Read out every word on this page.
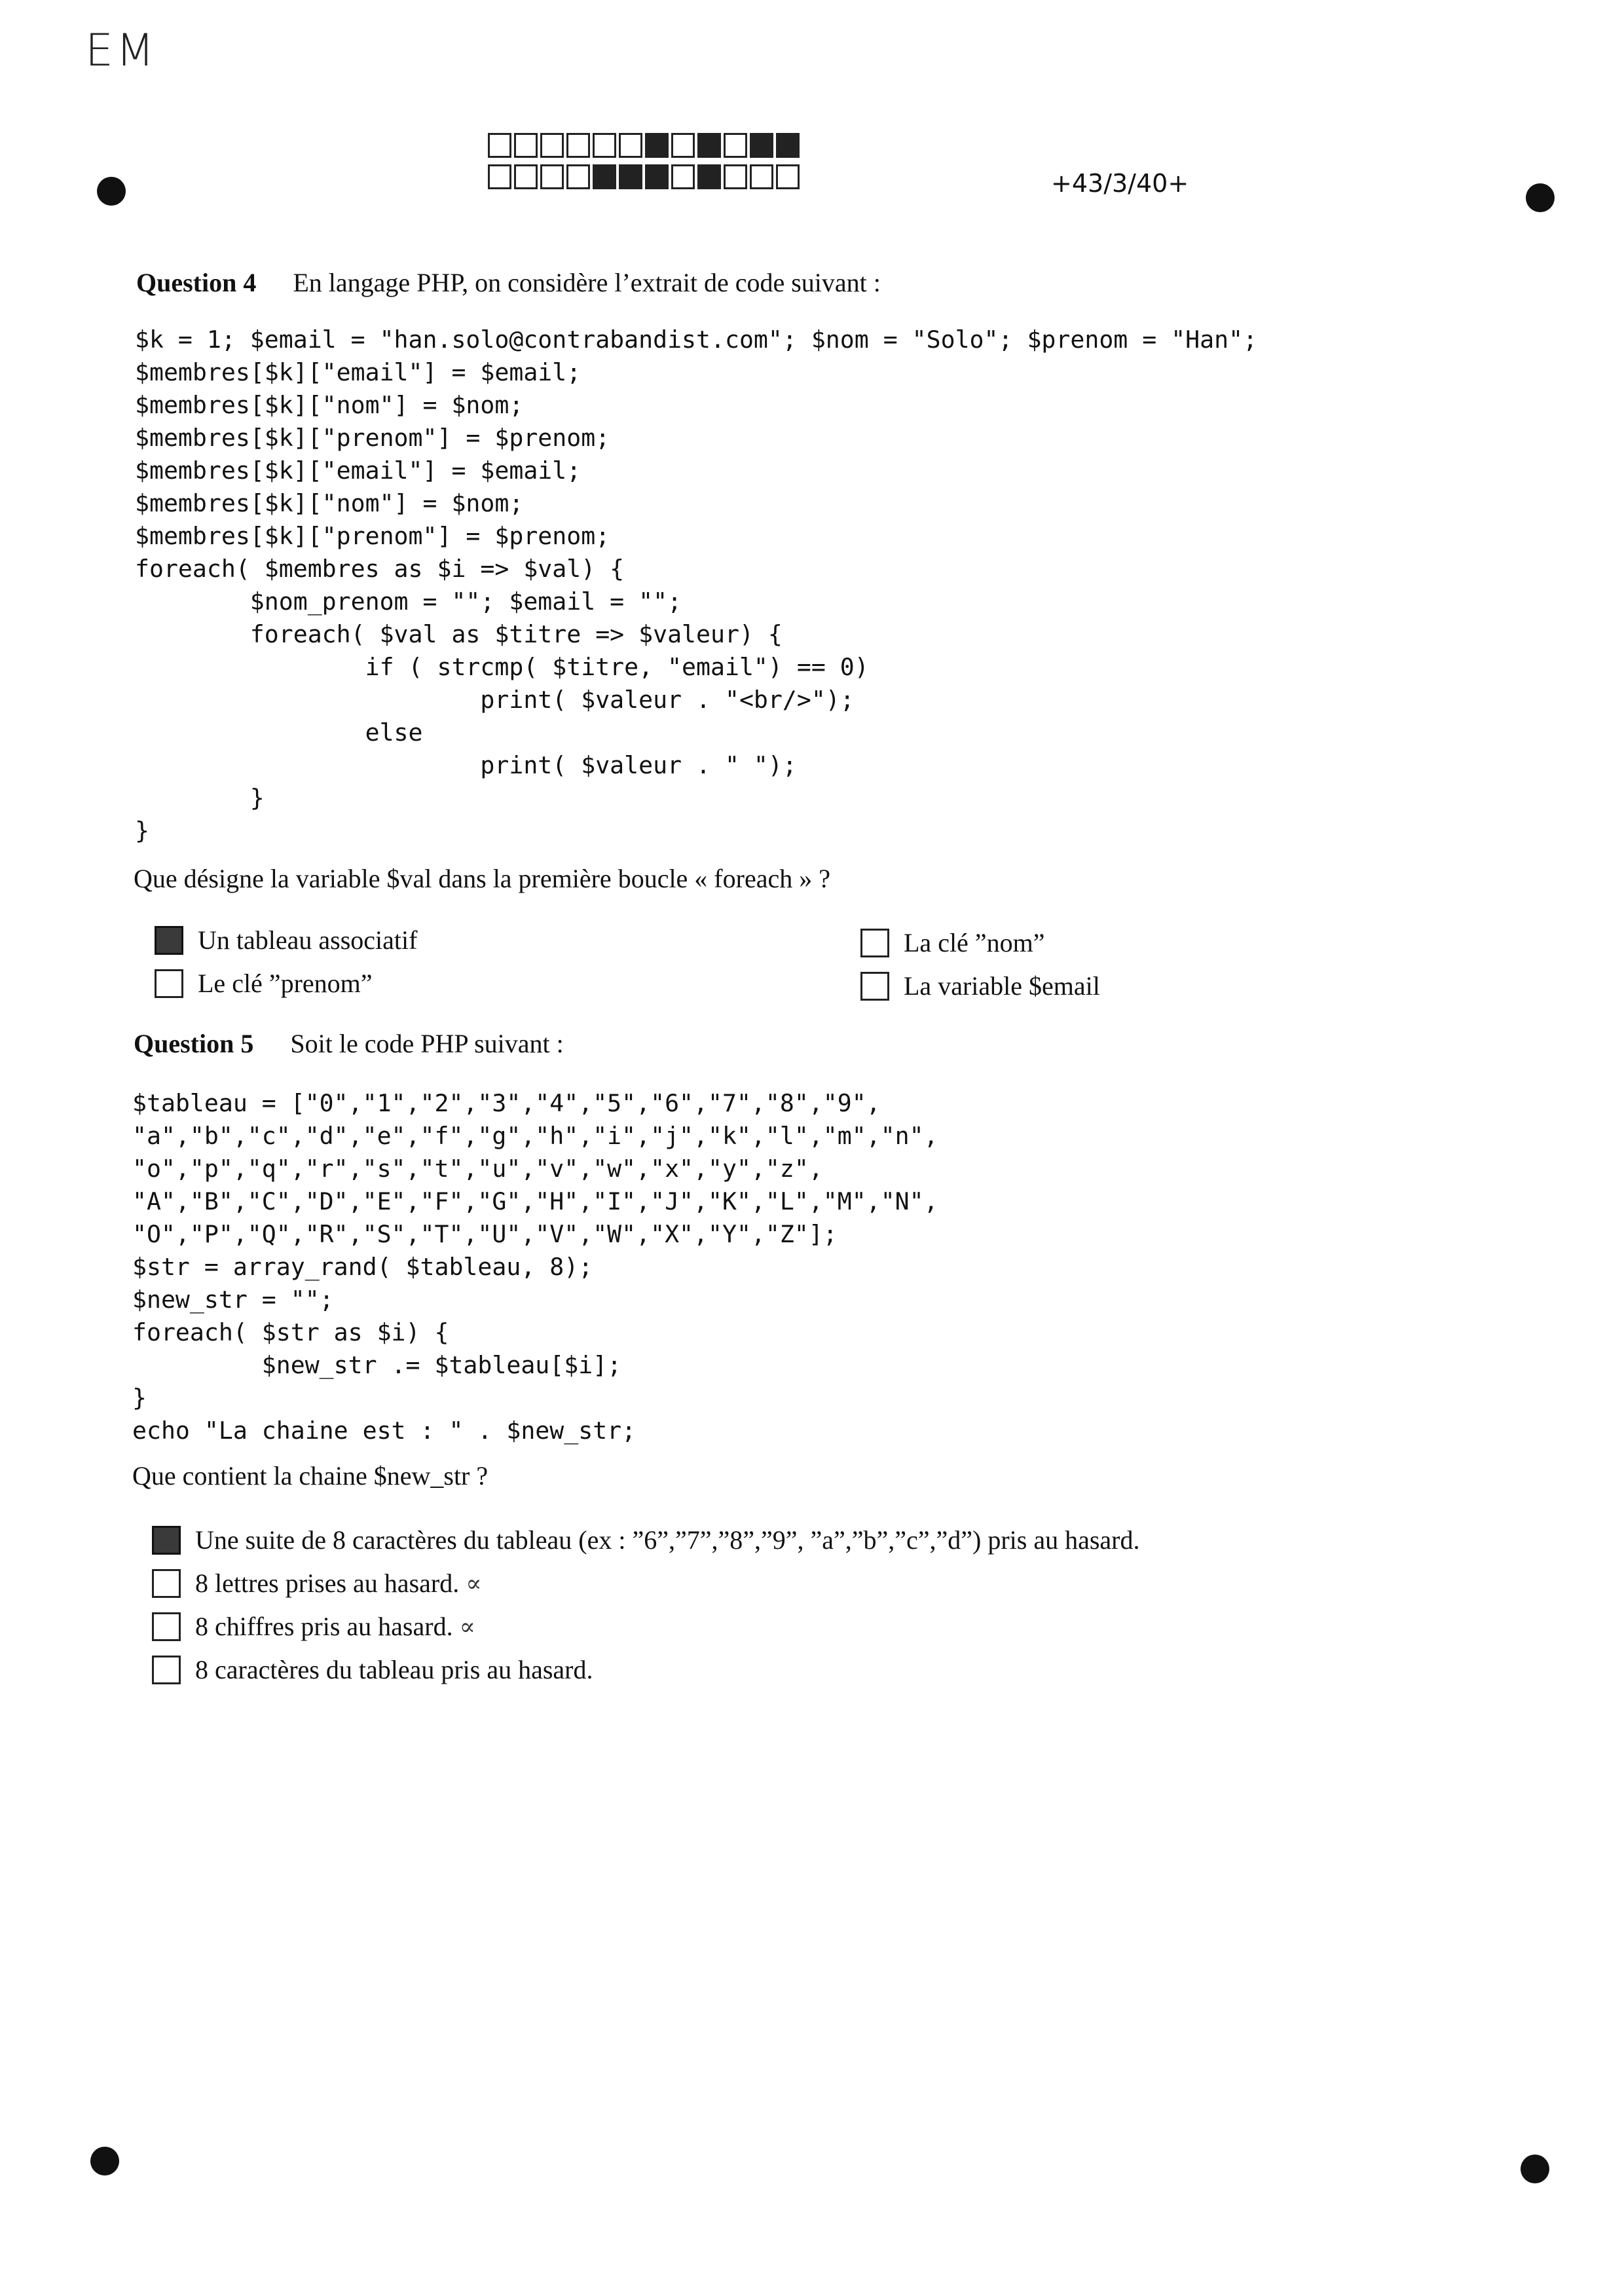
EM
+43/3/40+
Question 4 En langage PHP, on considère l’extrait de code suivant :
$k = 1; $email = "han.solo@contrabandist.com"; $nom = "Solo"; $prenom = "Han";
$membres[$k]["email"] = $email;
$membres[$k]["nom"] = $nom;
$membres[$k]["prenom"] = $prenom;
$membres[$k]["email"] = $email;
$membres[$k]["nom"] = $nom;
$membres[$k]["prenom"] = $prenom;
foreach( $membres as $i => $val) {
$nom_prenom = ""; $email = "";
foreach( $val as $titre => $valeur) {
if ( strcmp( $titre, "email") == 0)
print( $valeur . "<br/>");
else
print( $valeur . " ");
}
}
Que désigne la variable $val dans la première boucle « foreach » ?
Un tableau associatif
Le clé ”prenom”
La clé ”nom”
La variable $email
Question 5 Soit le code PHP suivant :
$tableau = ["0","1","2","3","4","5","6","7","8","9",
"a","b","c","d","e","f","g","h","i","j","k","l","m","n",
"o","p","q","r","s","t","u","v","w","x","y","z",
"A","B","C","D","E","F","G","H","I","J","K","L","M","N",
"O","P","Q","R","S","T","U","V","W","X","Y","Z"];
$str = array_rand( $tableau, 8);
$new_str = "";
foreach( $str as $i) {
$new_str .= $tableau[$i];
}
echo "La chaine est : " . $new_str;
Que contient la chaine $new_str ?
Une suite de 8 caractères du tableau (ex : ”6”,”7”,”8”,”9”, ”a”,”b”,”c”,”d”) pris au hasard.
8 lettres prises au hasard. ∝
8 chiffres pris au hasard. ∝
8 caractères du tableau pris au hasard.
